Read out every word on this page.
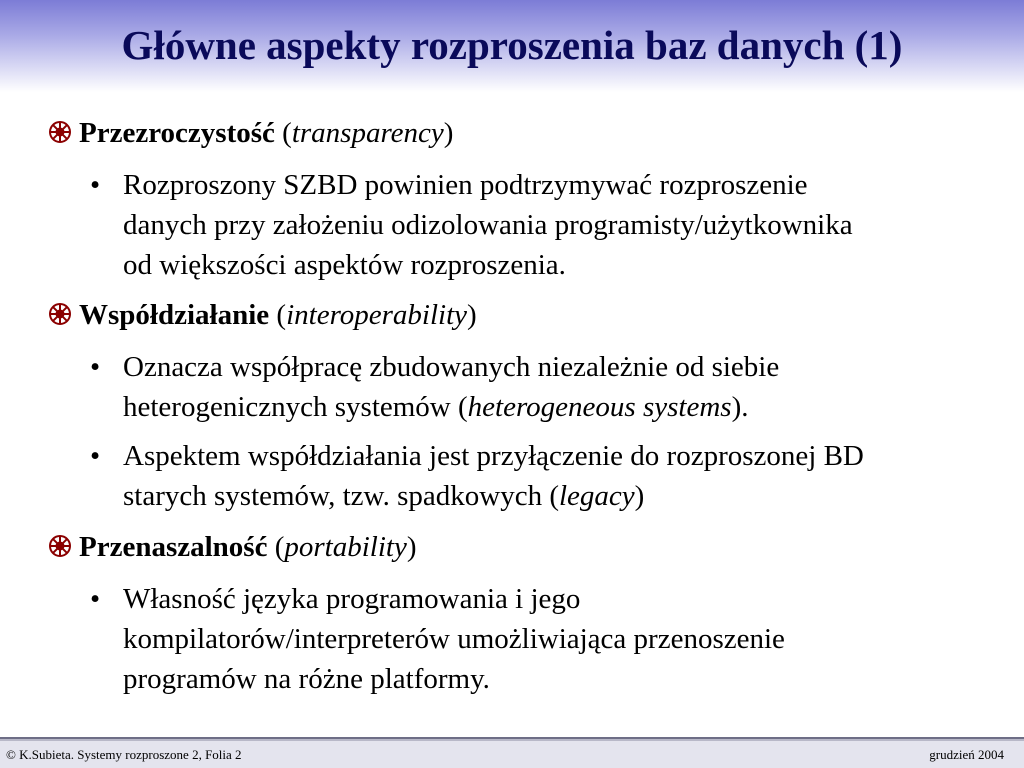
Główne aspekty rozproszenia baz danych (1)
Przezroczystość (transparency)
• Rozproszony SZBD powinien podtrzymywać rozproszenie
danych przy założeniu odizolowania programisty/użytkownika
od większości aspektów rozproszenia.
Współdziałanie (interoperability)
• Oznacza współpracę zbudowanych niezależnie od siebie
heterogenicznych systemów (heterogeneous systems).
• Aspektem współdziałania jest przyłączenie do rozproszonej BD
starych systemów, tzw. spadkowych (legacy)
Przenaszalność (portability)
• Własność języka programowania i jego
kompilatorów/interpreterów umożliwiająca przenoszenie
programów na różne platformy.
© K.Subieta. Systemy rozproszone 2, Folia 2	grudzień 2004
